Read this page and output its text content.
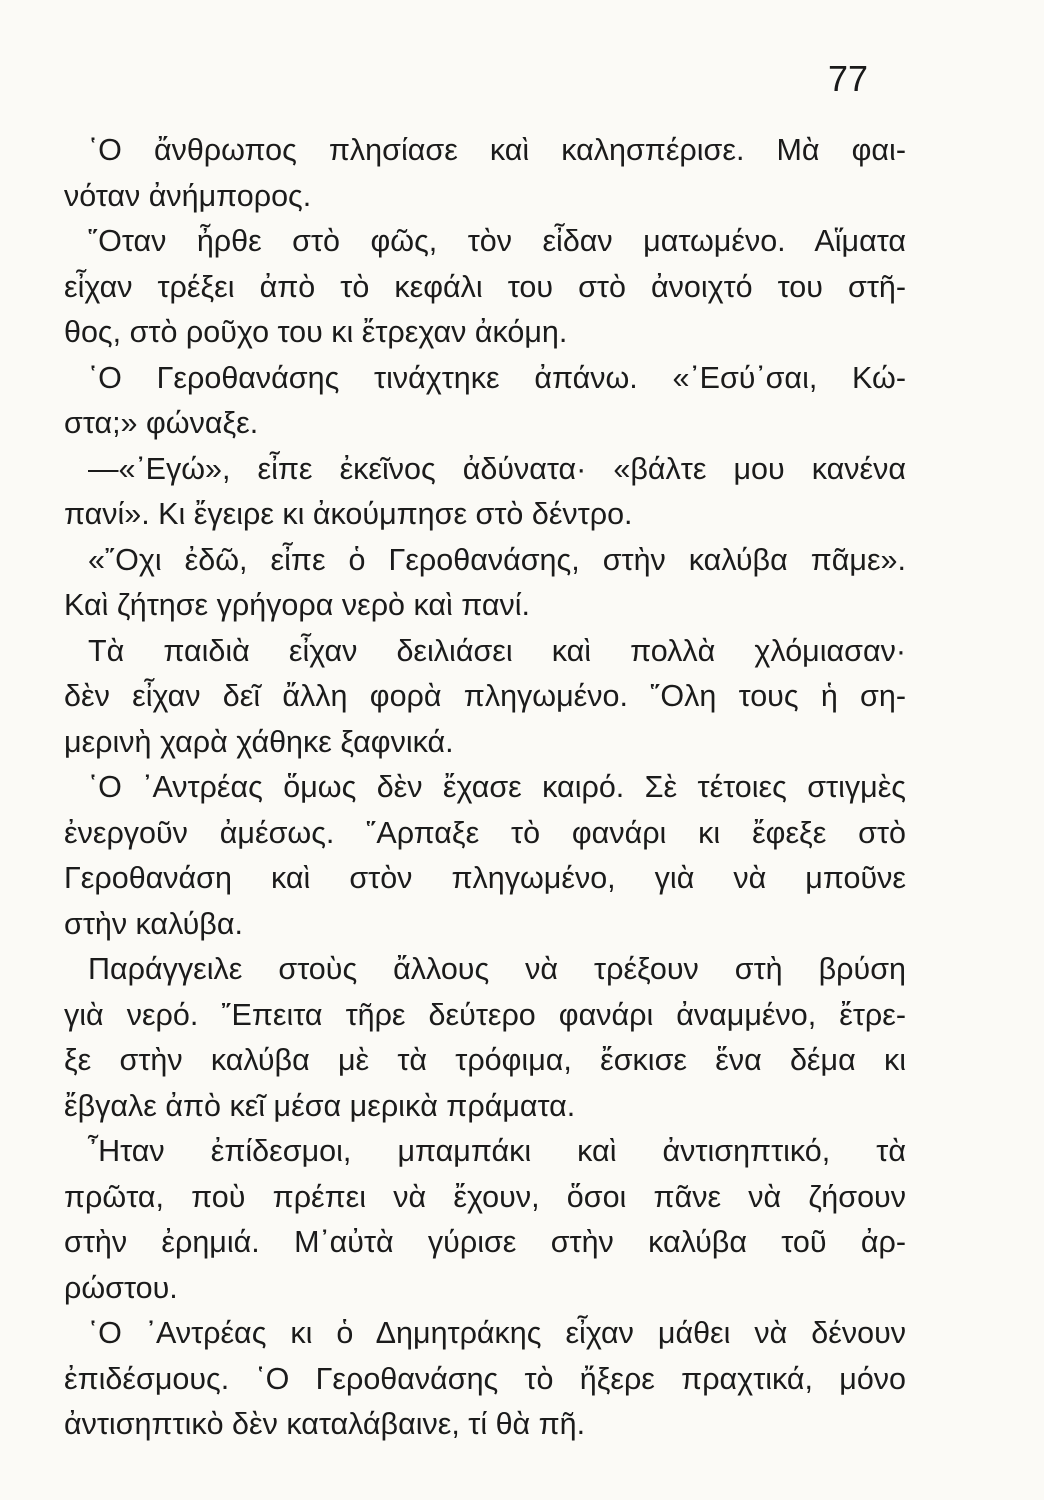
77
῾Ο ἄνθρωπος πλησίασε καὶ καλησπέρισε. Μὰ φαι-
νόταν ἀνήμπορος.
῞Οταν ἦρθε στὸ φῶς, τὸν εἶδαν ματωμένο. Αἵματα
εἶχαν τρέξει ἀπὸ τὸ κεφάλι του στὸ ἀνοιχτό του στῆ-
θος, στὸ ροῦχο του κι ἔτρεχαν ἀκόμη.
῾Ο Γεροθανάσης τινάχτηκε ἀπάνω. «᾿Εσύ᾿σαι, Κώ-
στα;» φώναξε.
—«᾿Εγώ», εἶπε ἐκεῖνος ἀδύνατα· «βάλτε μου κανένα
πανί». Κι ἔγειρε κι ἀκούμπησε στὸ δέντρο.
«῎Οχι ἐδῶ, εἶπε ὁ Γεροθανάσης, στὴν καλύβα πᾶμε».
Καὶ ζήτησε γρήγορα νερὸ καὶ πανί.
Τὰ παιδιὰ εἶχαν δειλιάσει καὶ πολλὰ χλόμιασαν·
δὲν εἶχαν δεῖ ἄλλη φορὰ πληγωμένο. ῞Ολη τους ἡ ση-
μερινὴ χαρὰ χάθηκε ξαφνικά.
῾Ο ᾿Αντρέας ὅμως δὲν ἔχασε καιρό. Σὲ τέτοιες στιγμὲς
ἐνεργοῦν ἀμέσως. ῞Αρπαξε τὸ φανάρι κι ἔφεξε στὸ
Γεροθανάση καὶ στὸν πληγωμένο, γιὰ νὰ μποῦνε
στὴν καλύβα.
Παράγγειλε στοὺς ἄλλους νὰ τρέξουν στὴ βρύση
γιὰ νερό. ῎Επειτα τῆρε δεύτερο φανάρι ἀναμμένο, ἔτρε-
ξε στὴν καλύβα μὲ τὰ τρόφιμα, ἔσκισε ἕνα δέμα κι
ἔβγαλε ἀπὸ κεῖ μέσα μερικὰ πράματα.
῏Ηταν ἐπίδεσμοι, μπαμπάκι καὶ ἀντισηπτικό, τὰ
πρῶτα, ποὺ πρέπει νὰ ἔχουν, ὅσοι πᾶνε νὰ ζήσουν
στὴν ἐρημιά. Μ᾿αὐτὰ γύρισε στὴν καλύβα τοῦ ἀρ-
ρώστου.
῾Ο ᾿Αντρέας κι ὁ Δημητράκης εἶχαν μάθει νὰ δένουν
ἐπιδέσμους. ῾Ο Γεροθανάσης τὸ ἤξερε πραχτικά, μόνο
ἀντισηπτικὸ δὲν καταλάβαινε, τί θὰ πῆ.
